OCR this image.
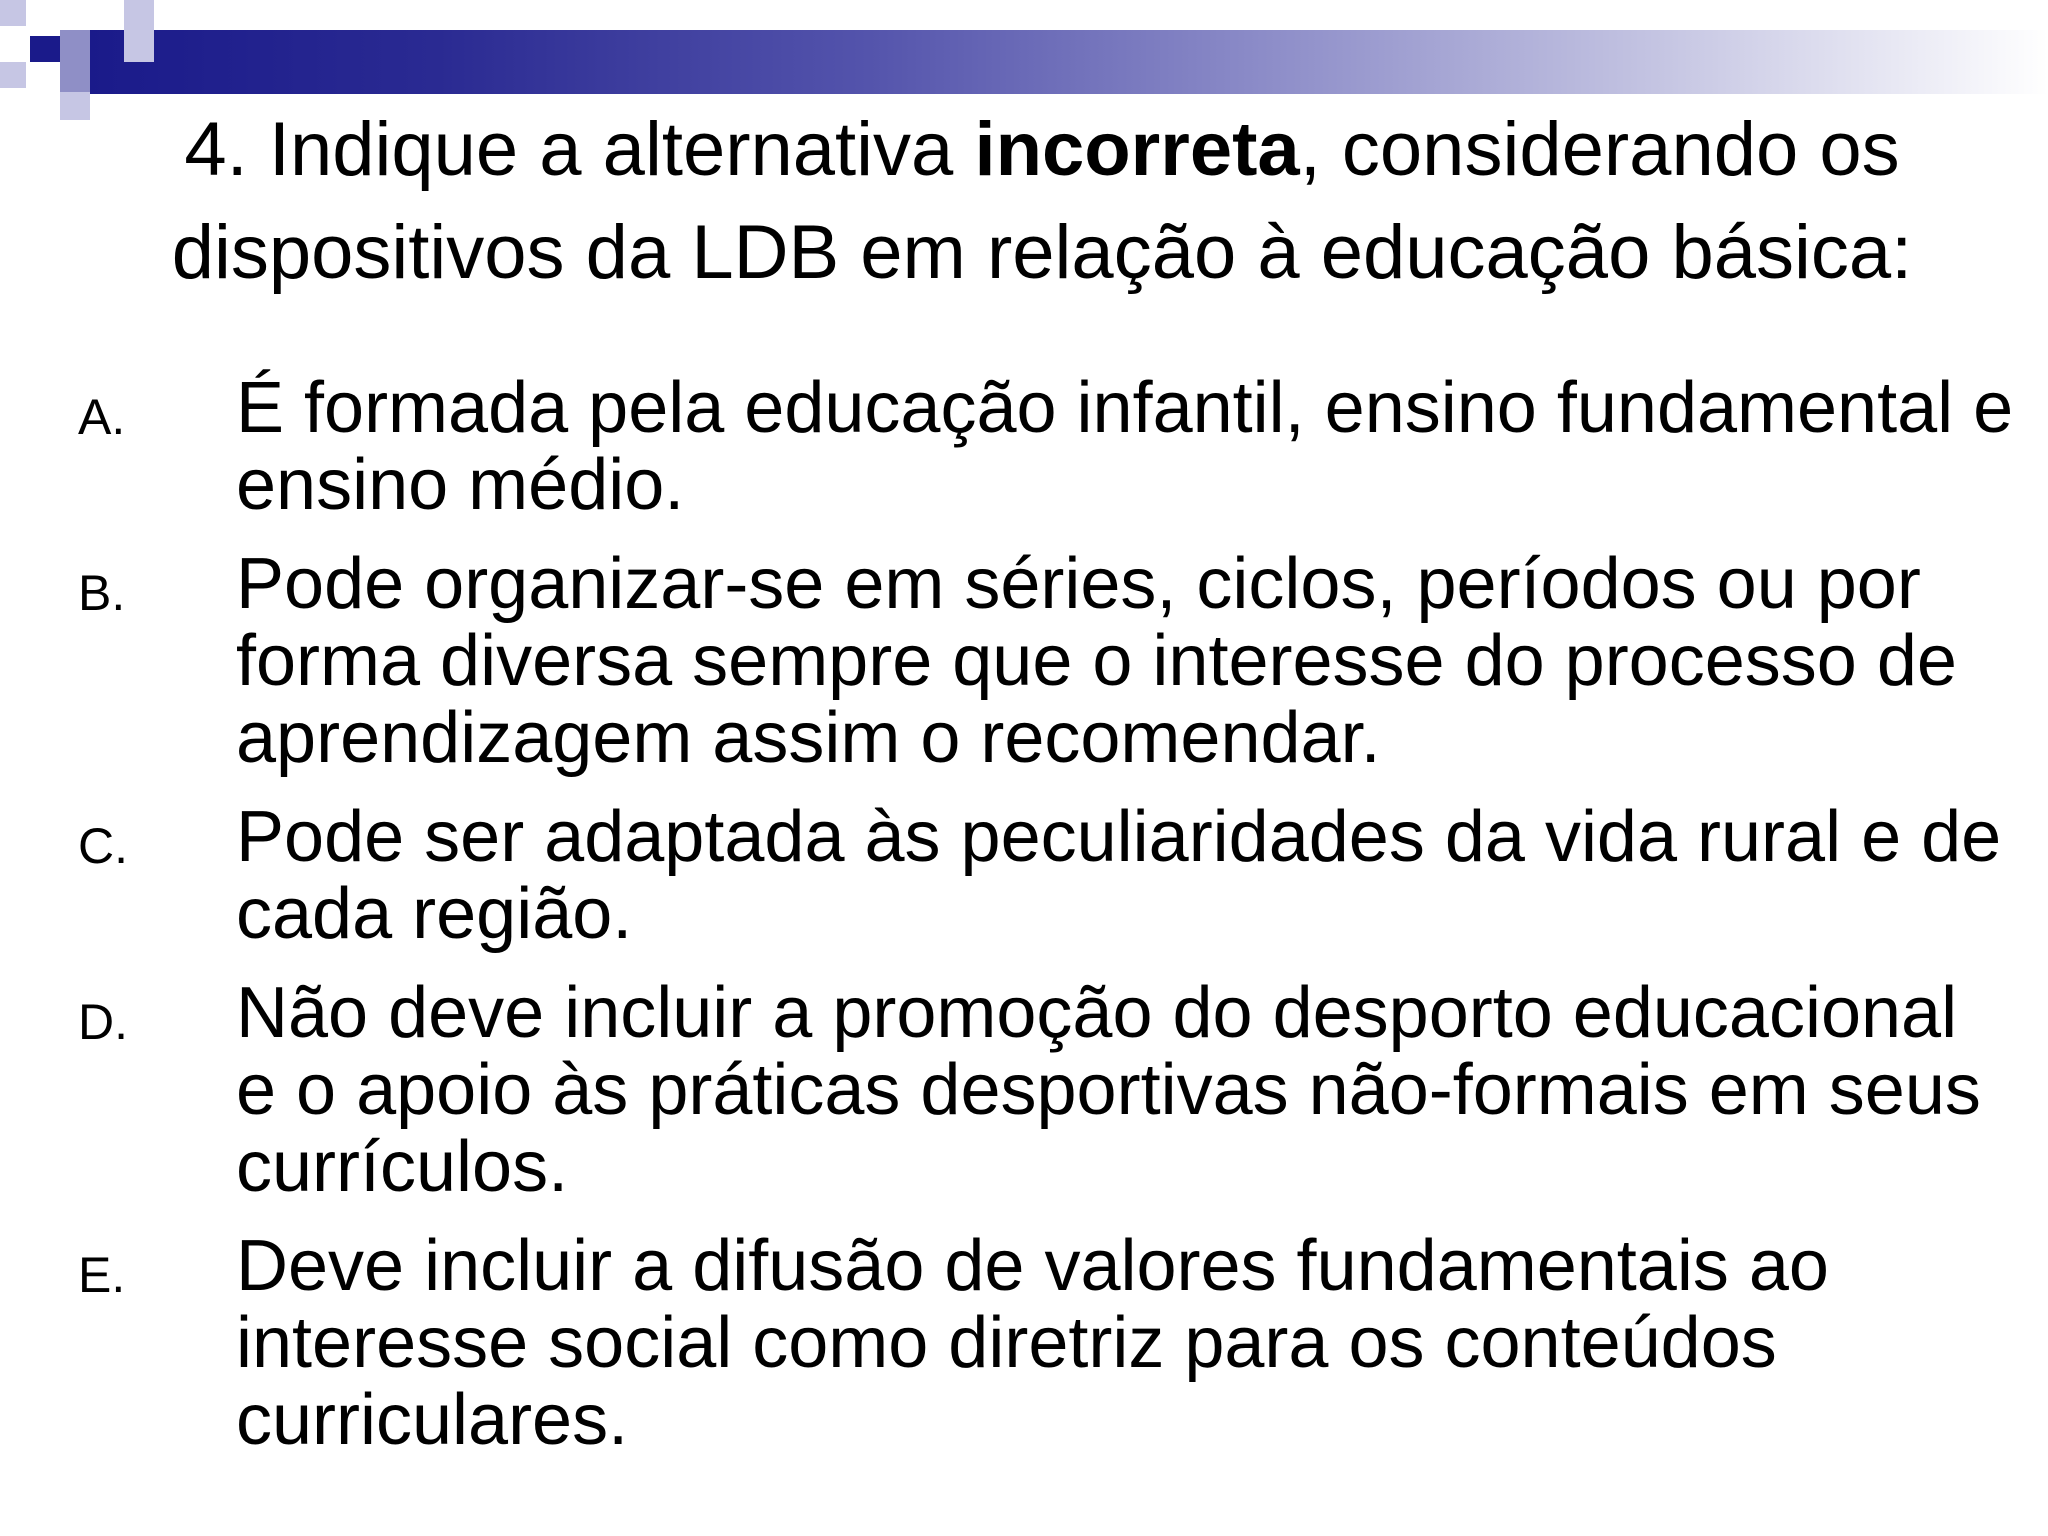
4. Indique a alternativa incorreta, considerando os dispositivos da LDB em relação à educação básica:
A. É formada pela educação infantil, ensino fundamental e ensino médio.
B. Pode organizar-se em séries, ciclos, períodos ou por forma diversa sempre que o interesse do processo de aprendizagem assim o recomendar.
C. Pode ser adaptada às peculiaridades da vida rural e de cada região.
D. Não deve incluir a promoção do desporto educacional e o apoio às práticas desportivas não-formais em seus currículos.
E. Deve incluir a difusão de valores fundamentais ao interesse social como diretriz para os conteúdos curriculares.
